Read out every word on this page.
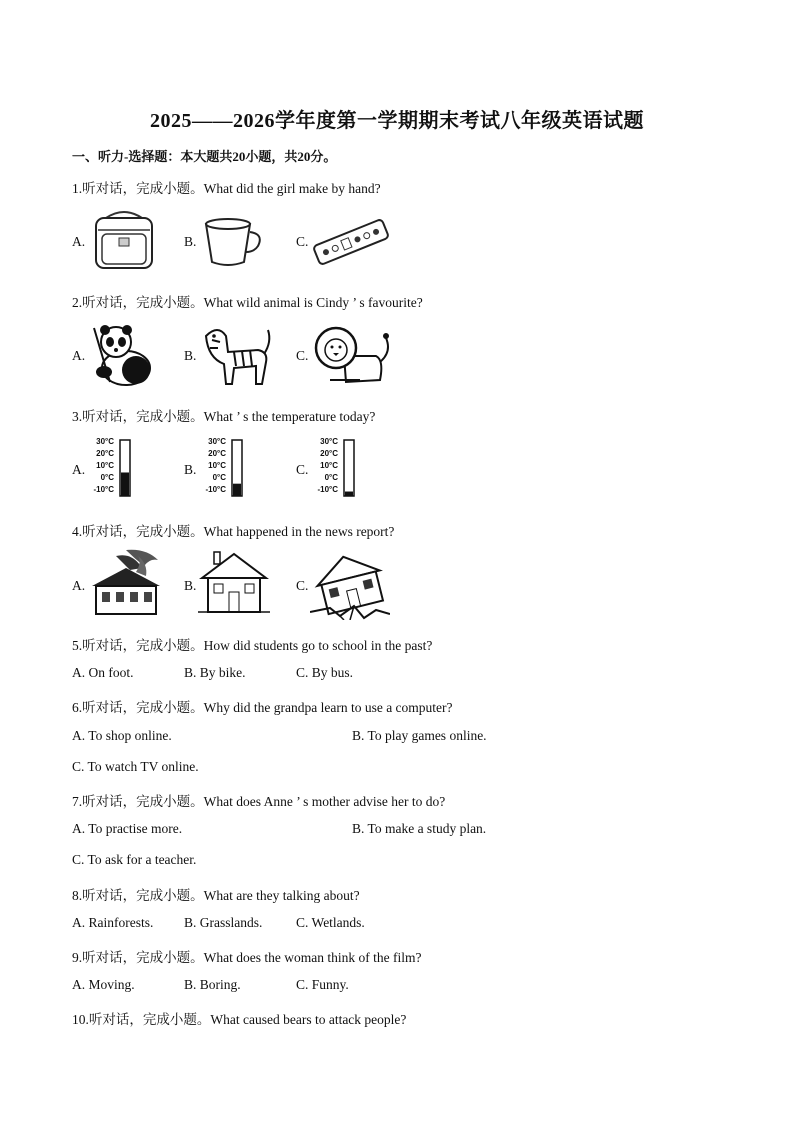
2025——2026学年度第一学期期末考试八年级英语试题
一、听力-选择题：本大题共20小题，共20分。
1.听对话，完成小题。What did the girl make by hand?
A.	B.	C.
2.听对话，完成小题。What wild animal is Cindy ’ s favourite?
A.	B.	C.
3.听对话，完成小题。What ’ s the temperature today?
A.
30°C
20°C
10°C
0°C
-10°C
B.
30°C
20°C
10°C
0°C
-10°C
C.
30°C
20°C
10°C
0°C
-10°C
4.听对话，完成小题。What happened in the news report?
A.	B.	C.
5.听对话，完成小题。How did students go to school in the past?
A. On foot.	B. By bike.	C. By bus.
6.听对话，完成小题。Why did the grandpa learn to use a computer?
A. To shop online.	B. To play games online.
C. To watch TV online.
7.听对话，完成小题。What does Anne ’ s mother advise her to do?
A. To practise more.	B. To make a study plan.
C. To ask for a teacher.
8.听对话，完成小题。What are they talking about?
A. Rainforests. B. Grasslands. C. Wetlands.
9.听对话，完成小题。What does the woman think of the film?
A. Moving.	B. Boring.	C. Funny.
10.听对话，完成小题。What caused bears to attack people?
